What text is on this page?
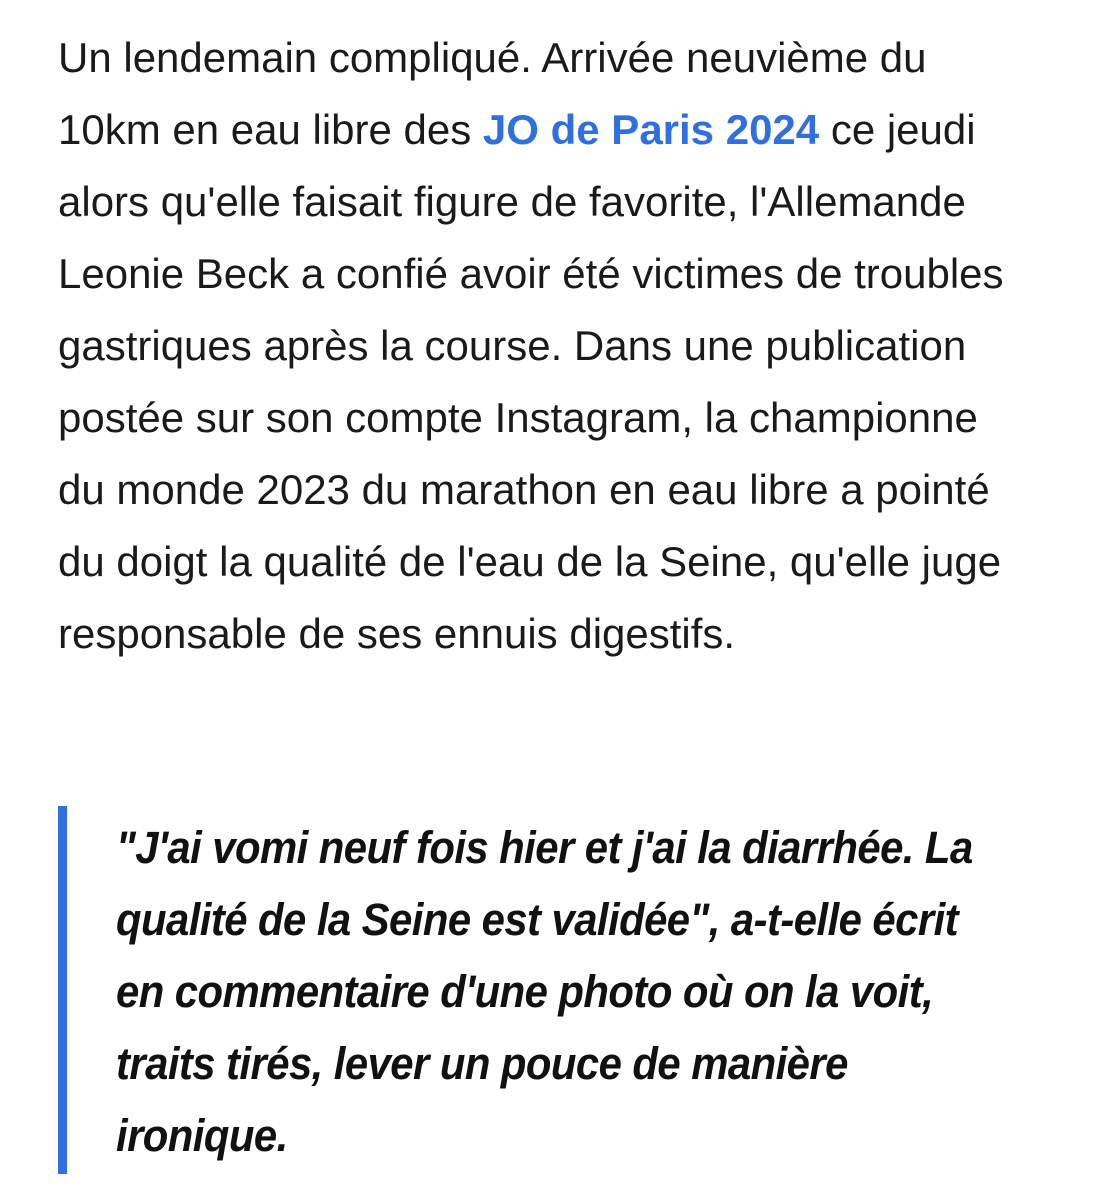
Un lendemain compliqué. Arrivée neuvième du 10km en eau libre des JO de Paris 2024 ce jeudi alors qu'elle faisait figure de favorite, l'Allemande Leonie Beck a confié avoir été victimes de troubles gastriques après la course. Dans une publication postée sur son compte Instagram, la championne du monde 2023 du marathon en eau libre a pointé du doigt la qualité de l'eau de la Seine, qu'elle juge responsable de ses ennuis digestifs.

"J'ai vomi neuf fois hier et j'ai la diarrhée. La qualité de la Seine est validée", a-t-elle écrit en commentaire d'une photo où on la voit, traits tirés, lever un pouce de manière ironique.
